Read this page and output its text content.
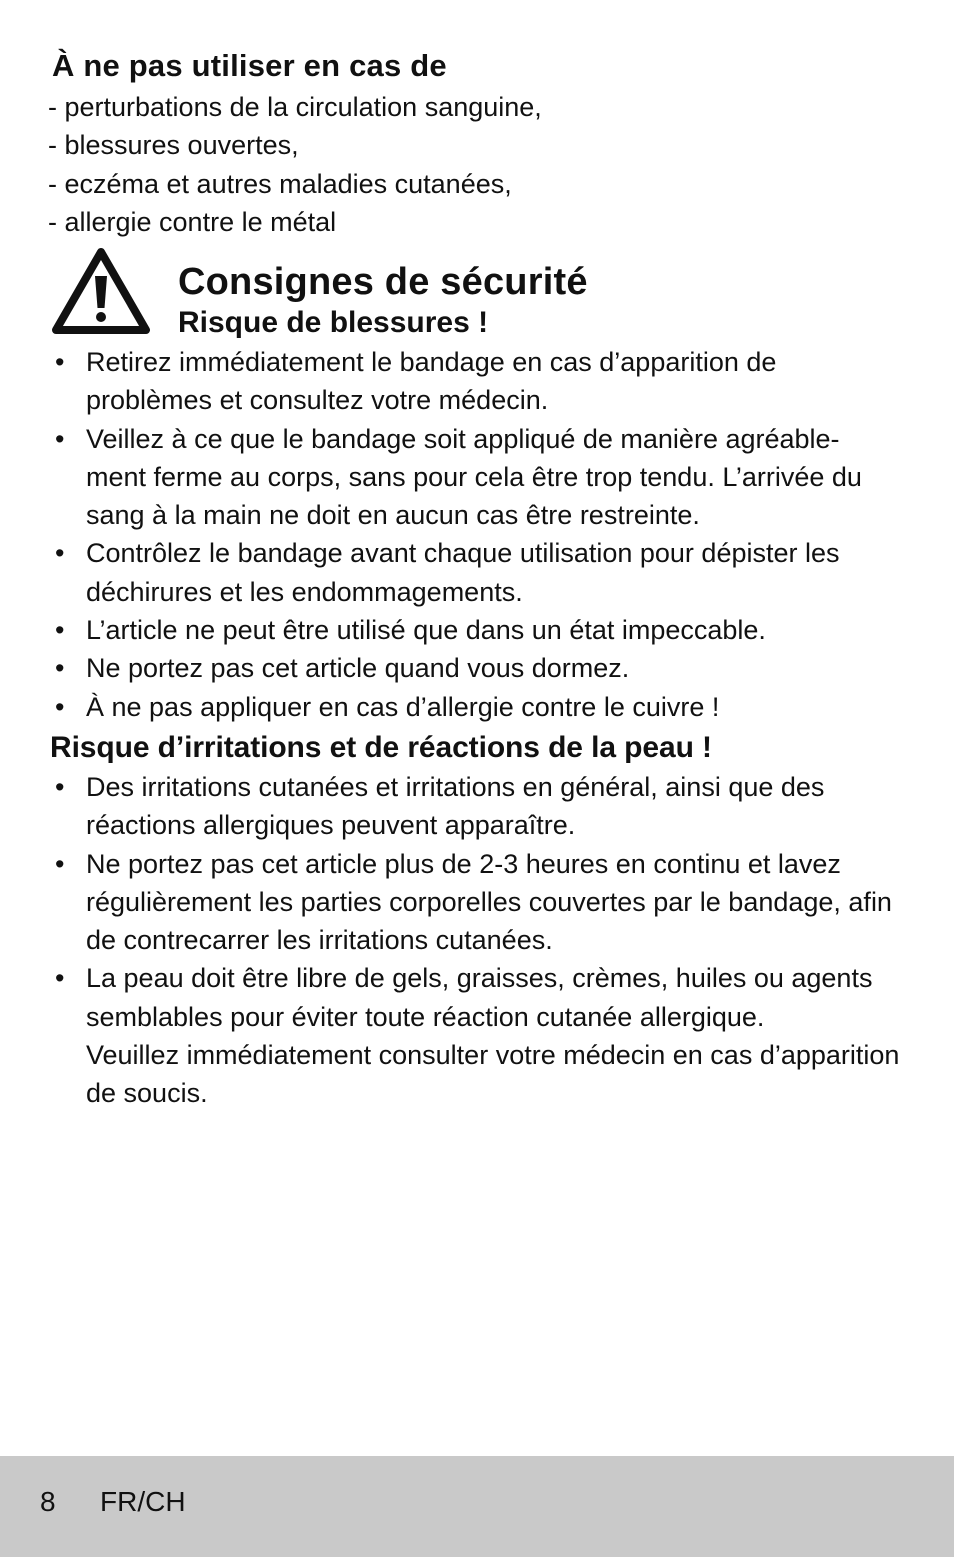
À ne pas utiliser en cas de
- perturbations de la circulation sanguine,
- blessures ouvertes,
- eczéma et autres maladies cutanées,
- allergie contre le métal
Consignes de sécurité
Risque de blessures !
• Retirez immédiatement le bandage en cas d’apparition de
problèmes et consultez votre médecin.
• Veillez à ce que le bandage soit appliqué de manière agréable-
ment ferme au corps, sans pour cela être trop tendu. L’arrivée du
sang à la main ne doit en aucun cas être restreinte.
• Contrôlez le bandage avant chaque utilisation pour dépister les
déchirures et les endommagements.
• L’article ne peut être utilisé que dans un état impeccable.
• Ne portez pas cet article quand vous dormez.
• À ne pas appliquer en cas d’allergie contre le cuivre !
Risque d’irritations et de réactions de la peau !
• Des irritations cutanées et irritations en général, ainsi que des
réactions allergiques peuvent apparaître.
• Ne portez pas cet article plus de 2-3 heures en continu et lavez
régulièrement les parties corporelles couvertes par le bandage, afin
de contrecarrer les irritations cutanées.
• La peau doit être libre de gels, graisses, crèmes, huiles ou agents
semblables pour éviter toute réaction cutanée allergique.
Veuillez immédiatement consulter votre médecin en cas d’apparition
de soucis.
8 FR/CH
